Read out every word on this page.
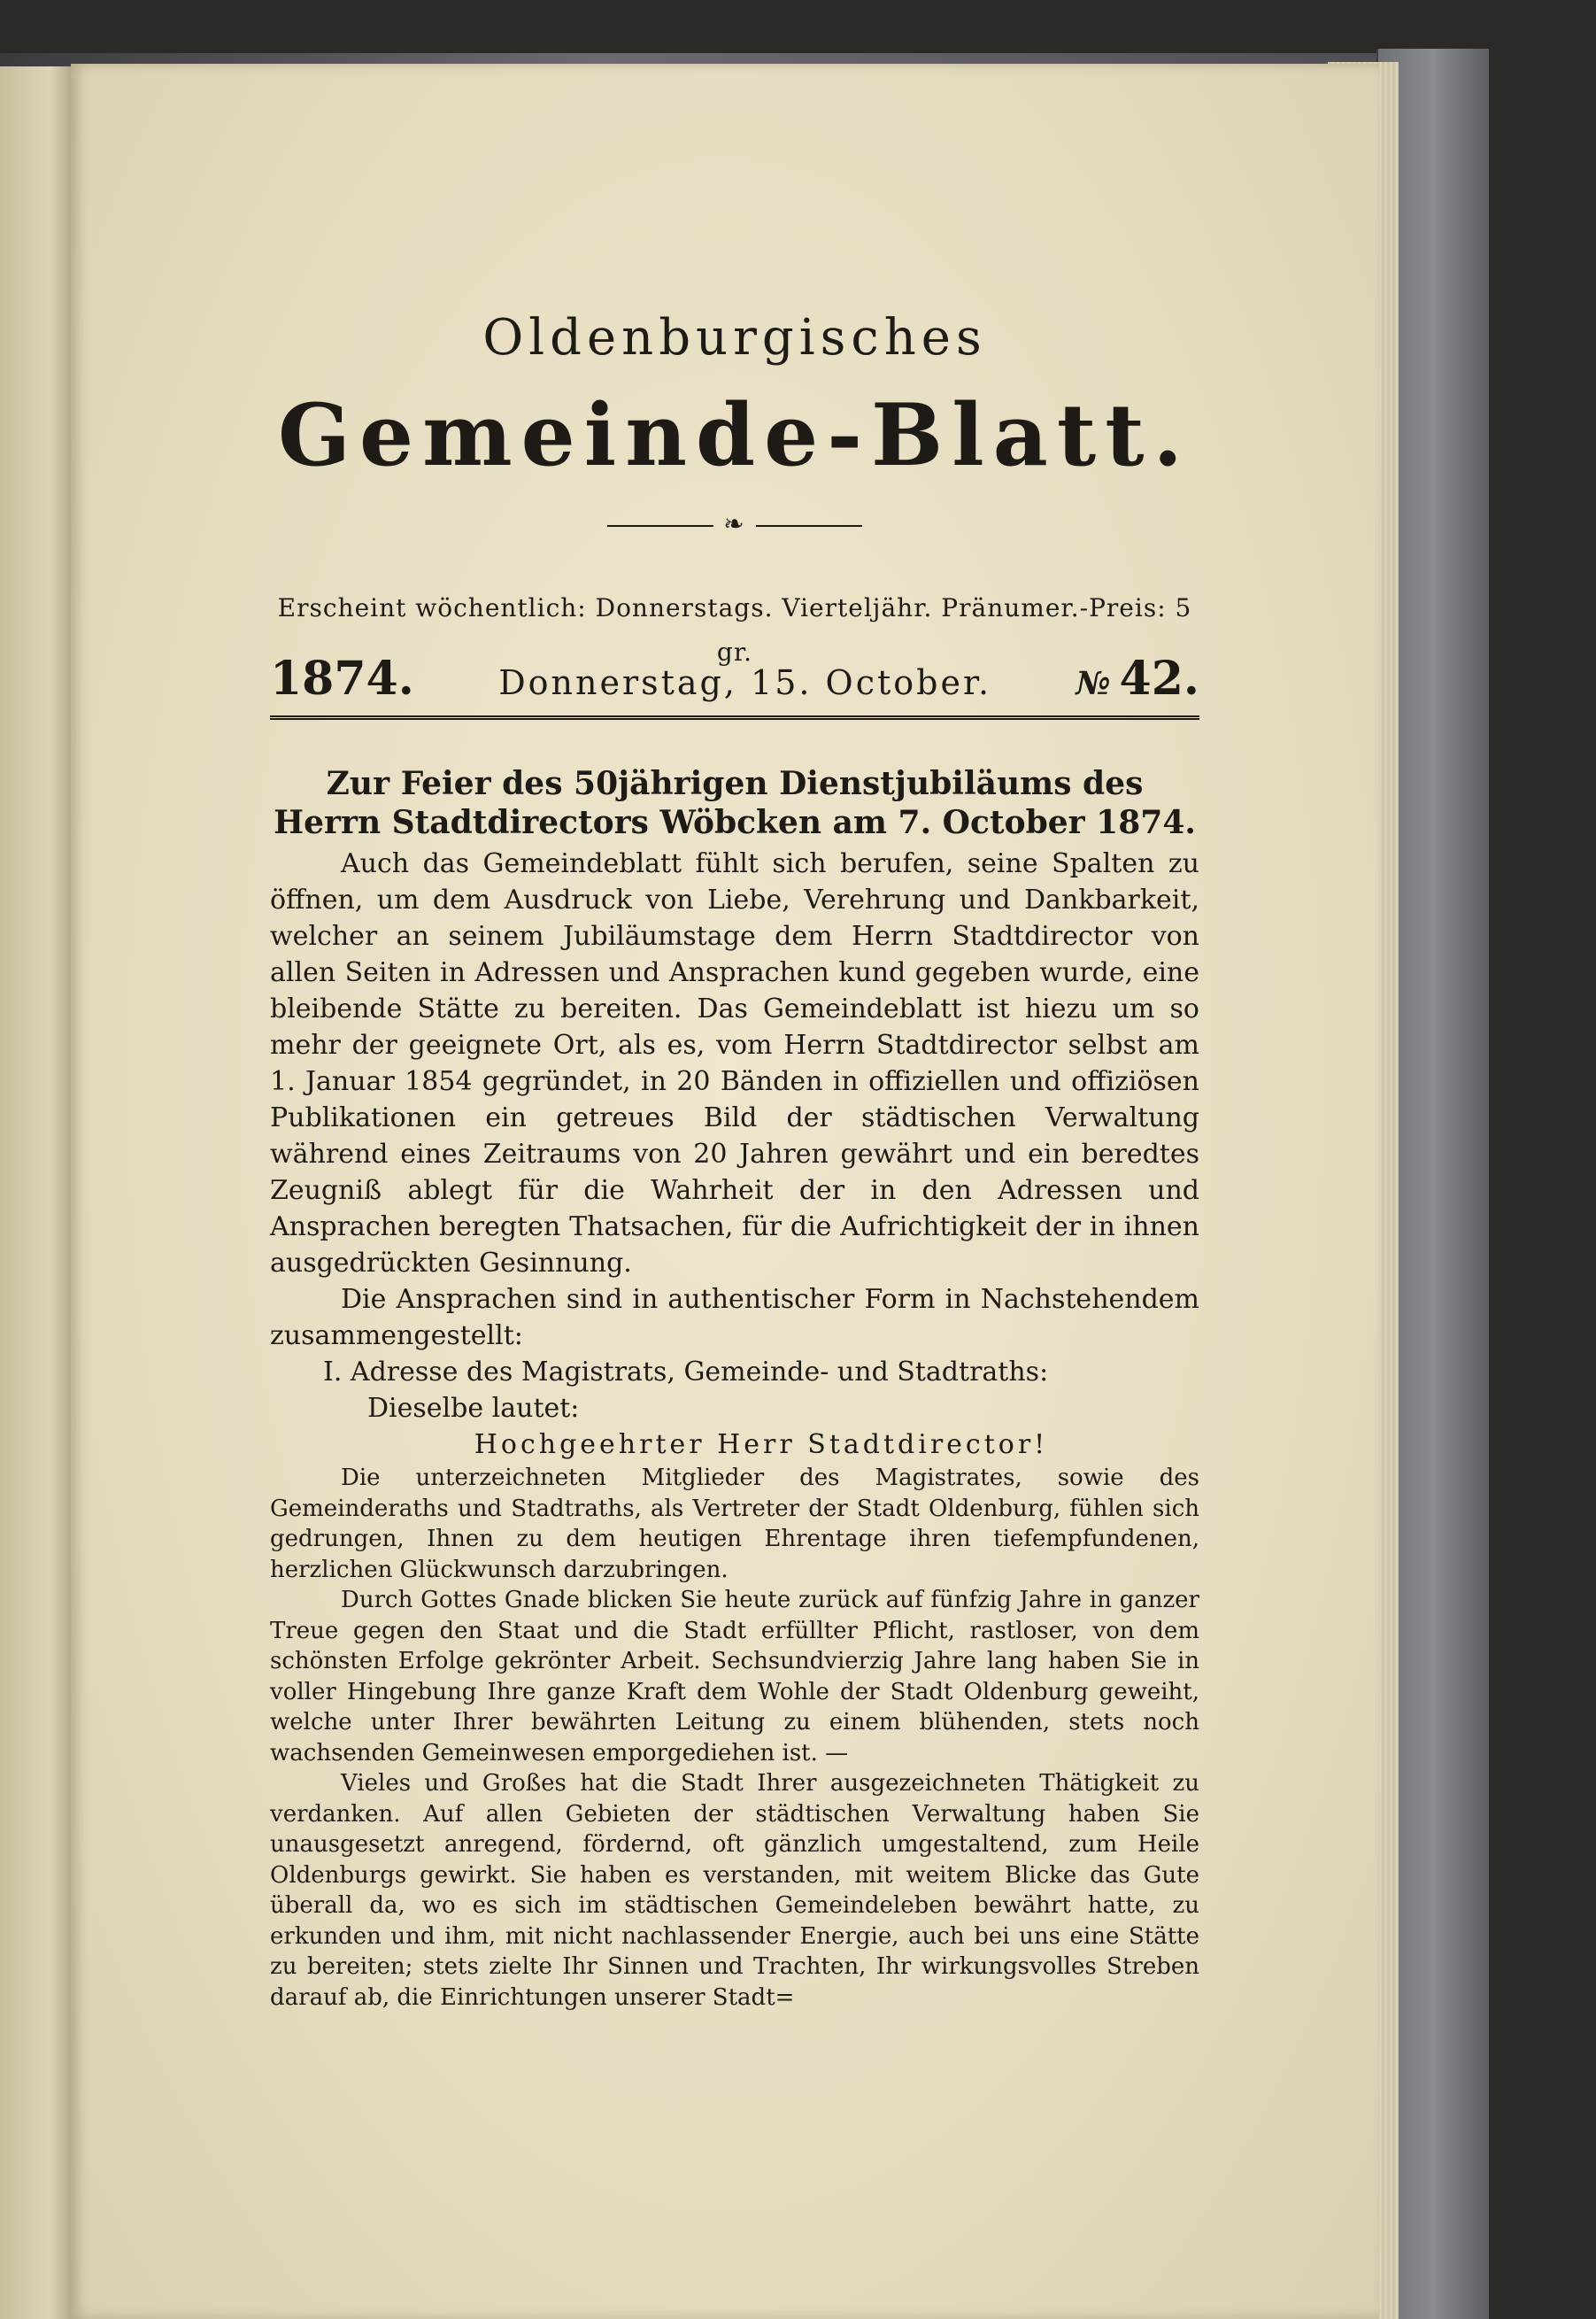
Oldenburgisches
Gemeinde-Blatt.
❧
Erscheint wöchentlich: Donnerstags. Vierteljähr. Pränumer.-Preis: 5 gr.
1874.	Donnerstag, 15. October.	№ 42.
Zur Feier des 50jährigen Dienstjubiläums des Herrn Stadtdirectors Wöbcken am 7. October 1874.

Auch das Gemeindeblatt fühlt sich berufen, seine Spalten zu öffnen, um dem Ausdruck von Liebe, Verehrung und Dankbarkeit, welcher an seinem Jubiläumstage dem Herrn Stadtdirector von allen Seiten in Adressen und Ansprachen kund gegeben wurde, eine bleibende Stätte zu bereiten. Das Gemeindeblatt ist hiezu um so mehr der geeignete Ort, als es, vom Herrn Stadtdirector selbst am 1. Januar 1854 gegründet, in 20 Bänden in offiziellen und offiziösen Publikationen ein getreues Bild der städtischen Verwaltung während eines Zeitraums von 20 Jahren gewährt und ein beredtes Zeugniß ablegt für die Wahrheit der in den Adressen und Ansprachen beregten Thatsachen, für die Aufrichtigkeit der in ihnen ausgedrückten Gesinnung.

Die Ansprachen sind in authentischer Form in Nachstehendem zusammengestellt:

I. Adresse des Magistrats, Gemeinde- und Stadtraths:
Dieselbe lautet:
Hochgeehrter Herr Stadtdirector!

Die unterzeichneten Mitglieder des Magistrates, sowie des Gemeinderaths und Stadtraths, als Vertreter der Stadt Oldenburg, fühlen sich gedrungen, Ihnen zu dem heutigen Ehrentage ihren tiefempfundenen, herzlichen Glückwunsch darzubringen.

Durch Gottes Gnade blicken Sie heute zurück auf fünfzig Jahre in ganzer Treue gegen den Staat und die Stadt erfüllter Pflicht, rastloser, von dem schönsten Erfolge gekrönter Arbeit. Sechsundvierzig Jahre lang haben Sie in voller Hingebung Ihre ganze Kraft dem Wohle der Stadt Oldenburg geweiht, welche unter Ihrer bewährten Leitung zu einem blühenden, stets noch wachsenden Gemeinwesen emporgediehen ist. —

Vieles und Großes hat die Stadt Ihrer ausgezeichneten Thätigkeit zu verdanken. Auf allen Gebieten der städtischen Verwaltung haben Sie unausgesetzt anregend, fördernd, oft gänzlich umgestaltend, zum Heile Oldenburgs gewirkt. Sie haben es verstanden, mit weitem Blicke das Gute überall da, wo es sich im städtischen Gemeindeleben bewährt hatte, zu erkunden und ihm, mit nicht nachlassender Energie, auch bei uns eine Stätte zu bereiten; stets zielte Ihr Sinnen und Trachten, Ihr wirkungsvolles Streben darauf ab, die Einrichtungen unserer Stadt=
